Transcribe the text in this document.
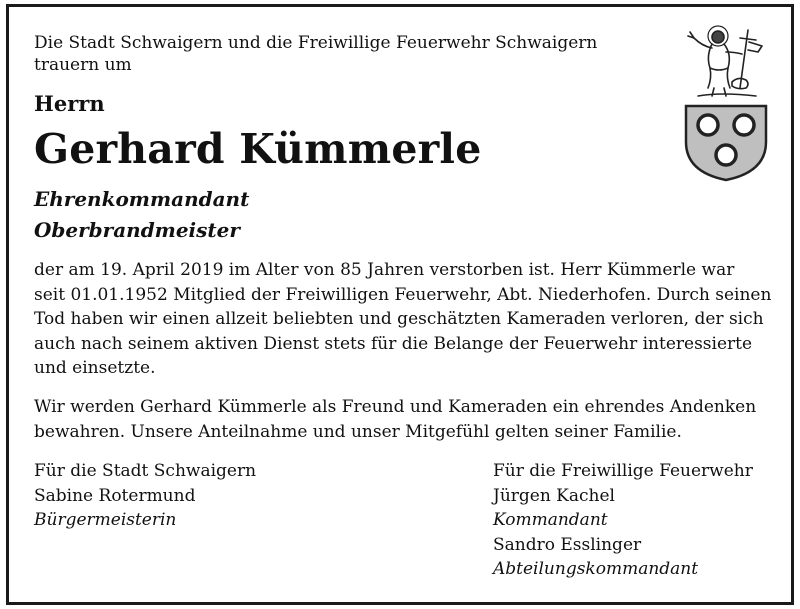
Die Stadt Schwaigern und die Freiwillige Feuerwehr Schwaigern
trauern um

Herrn

Gerhard Kümmerle

Ehrenkommandant
Oberbrandmeister

der am 19. April 2019 im Alter von 85 Jahren verstorben ist. Herr Kümmerle war
seit 01.01.1952 Mitglied der Freiwilligen Feuerwehr, Abt. Niederhofen. Durch seinen
Tod haben wir einen allzeit beliebten und geschätzten Kameraden verloren, der sich
auch nach seinem aktiven Dienst stets für die Belange der Feuerwehr interessierte
und einsetzte.

Wir werden Gerhard Kümmerle als Freund und Kameraden ein ehrendes Andenken
bewahren. Unsere Anteilnahme und unser Mitgefühl gelten seiner Familie.

Für die Stadt Schwaigern
Sabine Rotermund
Bürgermeisterin
Für die Freiwillige Feuerwehr
Jürgen Kachel
Kommandant
Sandro Esslinger
Abteilungskommandant
